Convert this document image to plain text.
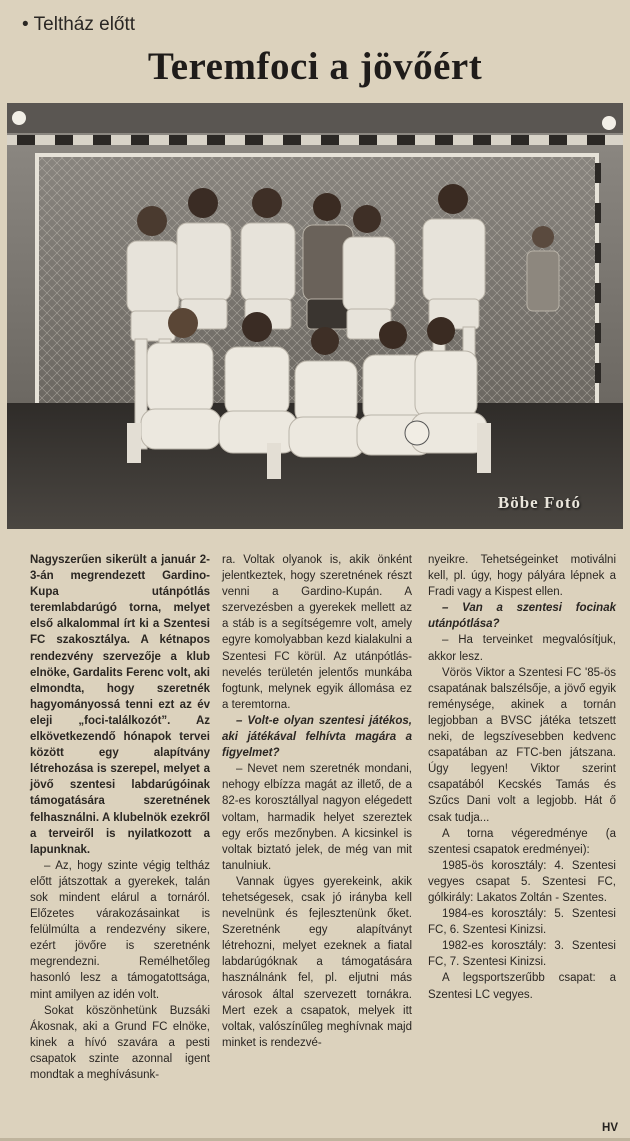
• Teltház előtt
Teremfoci a jövőért
Böbe Fotó

Nagyszerűen sikerült a január 2-3-án megrendezett Gardino-Kupa utánpótlás teremlabdarúgó torna, melyet első alkalommal írt ki a Szentesi FC szakosztálya. A kétnapos rendezvény szervezője a klub elnöke, Gardalits Ferenc volt, aki elmondta, hogy szeretnék hagyományossá tenni ezt az év eleji „foci-találkozót”. Az elkövetkezendő hónapok tervei között egy alapítvány létrehozása is szerepel, melyet a jövő szentesi labdarúgóinak támogatására szeretnének felhasználni. A klubelnök ezekről a terveiről is nyilatkozott a lapunknak.

– Az, hogy szinte végig teltház előtt játszottak a gyerekek, talán sok mindent elárul a tornáról. Előzetes várakozásainkat is felülmúlta a rendezvény sikere, ezért jövőre is szeretnénk megrendezni. Remélhetőleg hasonló lesz a támogatottsága, mint amilyen az idén volt.

Sokat köszönhetünk Buzsáki Ákosnak, aki a Grund FC elnöke, kinek a hívó szavára a pesti csapatok szinte azonnal igent mondtak a meghívásunk-

ra. Voltak olyanok is, akik önként jelentkeztek, hogy szeretnének részt venni a Gardino-Kupán. A szervezésben a gyerekek mellett az a stáb is a segítségemre volt, amely egyre komolyabban kezd kialakulni a Szentesi FC körül. Az utánpótlás-nevelés területén jelentős munkába fogtunk, melynek egyik állomása ez a teremtorna.

– Volt-e olyan szentesi játékos, aki játékával felhívta magára a figyelmet?

– Nevet nem szeretnék mondani, nehogy elbízza magát az illető, de a 82-es korosztállyal nagyon elégedett voltam, harmadik helyet szereztek egy erős mezőnyben. A kicsinkel is voltak biztató jelek, de még van mit tanulniuk.

Vannak ügyes gyerekeink, akik tehetségesek, csak jó irányba kell nevelnünk és fejlesztenünk őket. Szeretnénk egy alapítványt létrehozni, melyet ezeknek a fiatal labdarúgóknak a támogatására használnánk fel, pl. eljutni más városok által szervezett tornákra. Mert ezek a csapatok, melyek itt voltak, valószínűleg meghívnak majd minket is rendezvé-

nyeikre. Tehetségeinket motiválni kell, pl. úgy, hogy pályára lépnek a Fradi vagy a Kispest ellen.

– Van a szentesi focinak utánpótlása?

– Ha terveinket megvalósítjuk, akkor lesz.

Vörös Viktor a Szentesi FC '85-ös csapatának balszélsője, a jövő egyik reménysége, akinek a tornán legjobban a BVSC játéka tetszett neki, de legszívesebben kedvenc csapatában az FTC-ben játszana. Úgy legyen! Viktor szerint csapatából Kecskés Tamás és Szűcs Dani volt a legjobb. Hát ő csak tudja...

A torna végeredménye (a szentesi csapatok eredményei):

1985-ös korosztály: 4. Szentesi vegyes csapat 5. Szentesi FC, gólkirály: Lakatos Zoltán - Szentes.

1984-es korosztály: 5. Szentesi FC, 6. Szentesi Kinizsi.

1982-es korosztály: 3. Szentesi FC, 7. Szentesi Kinizsi.

A legsportszerűbb csapat: a Szentesi LC vegyes.

HV
